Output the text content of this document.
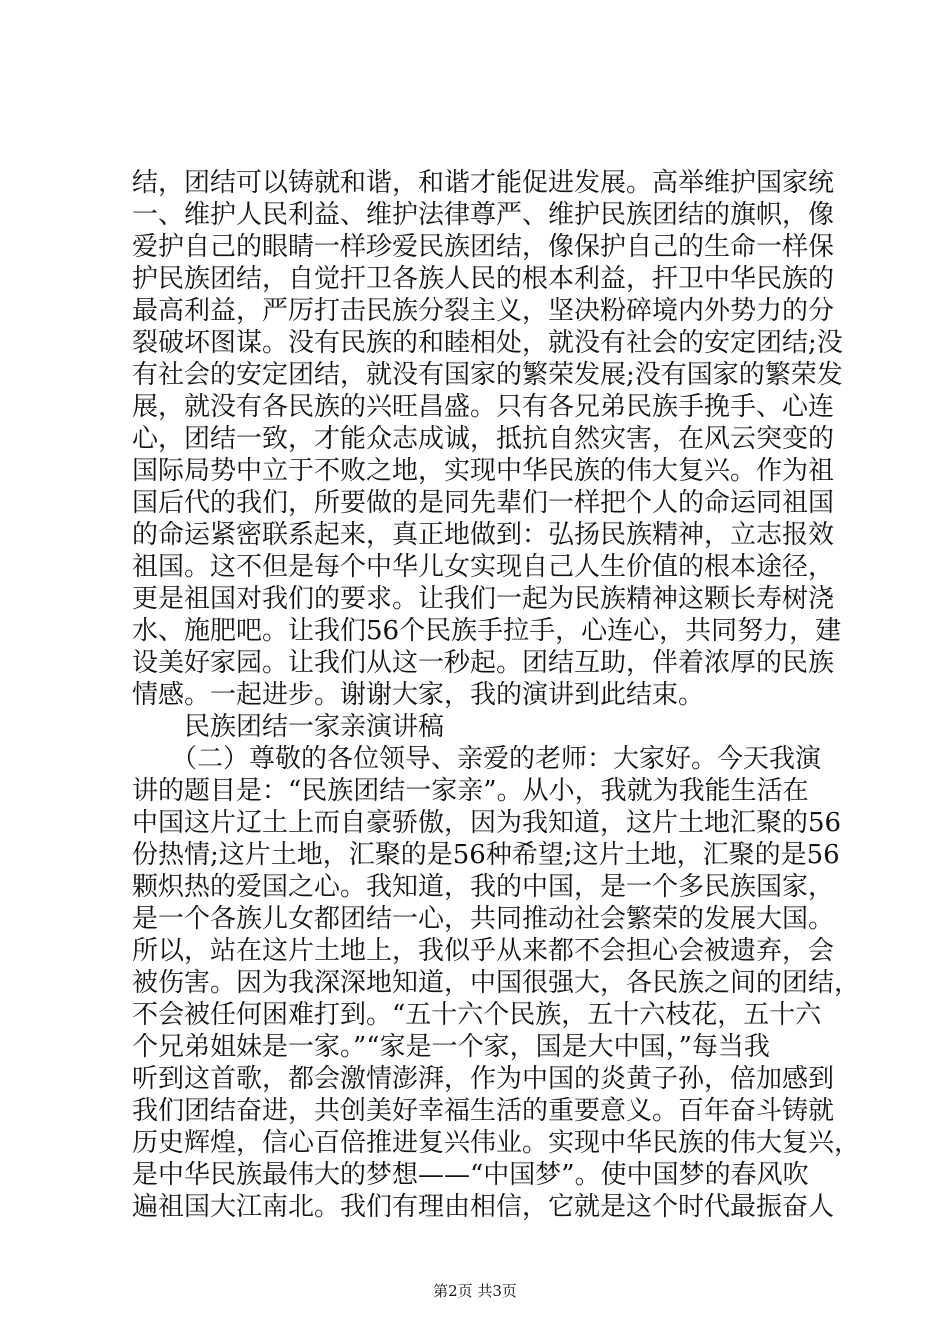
结，团结可以铸就和谐，和谐才能促进发展。高举维护国家统
一、维护人民利益、维护法律尊严、维护民族团结的旗帜，像
爱护自己的眼睛一样珍爱民族团结，像保护自己的生命一样保
护民族团结，自觉扞卫各族人民的根本利益，扞卫中华民族的
最高利益，严厉打击民族分裂主义，坚决粉碎境内外势力的分
裂破坏图谋。没有民族的和睦相处，就没有社会的安定团结;没
有社会的安定团结，就没有国家的繁荣发展;没有国家的繁荣发
展，就没有各民族的兴旺昌盛。只有各兄弟民族手挽手、心连
心，团结一致，才能众志成诚，抵抗自然灾害，在风云突变的
国际局势中立于不败之地，实现中华民族的伟大复兴。作为祖
国后代的我们，所要做的是同先辈们一样把个人的命运同祖国
的命运紧密联系起来，真正地做到：弘扬民族精神，立志报效
祖国。这不但是每个中华儿女实现自己人生价值的根本途径，
更是祖国对我们的要求。让我们一起为民族精神这颗长寿树浇
水、施肥吧。让我们56个民族手拉手，心连心，共同努力，建
设美好家园。让我们从这一秒起。团结互助，伴着浓厚的民族
情感。一起进步。谢谢大家，我的演讲到此结束。
　　民族团结一家亲演讲稿
　　（二）尊敬的各位领导、亲爱的老师：大家好。今天我演
讲的题目是：“民族团结一家亲”。从小，我就为我能生活在
中国这片辽土上而自豪骄傲，因为我知道，这片土地汇聚的56
份热情;这片土地，汇聚的是56种希望;这片土地，汇聚的是56
颗炽热的爱国之心。我知道，我的中国，是一个多民族国家，
是一个各族儿女都团结一心，共同推动社会繁荣的发展大国。
所以，站在这片土地上，我似乎从来都不会担心会被遗弃，会
被伤害。因为我深深地知道，中国很强大，各民族之间的团结，
不会被任何困难打到。“五十六个民族，五十六枝花，五十六
个兄弟姐妹是一家。”“家是一个家，国是大中国，”每当我
听到这首歌，都会激情澎湃，作为中国的炎黄子孙，倍加感到
我们团结奋进，共创美好幸福生活的重要意义。百年奋斗铸就
历史辉煌，信心百倍推进复兴伟业。实现中华民族的伟大复兴，
是中华民族最伟大的梦想——“中国梦”。使中国梦的春风吹
遍祖国大江南北。我们有理由相信，它就是这个时代最振奋人
第2页 共3页
